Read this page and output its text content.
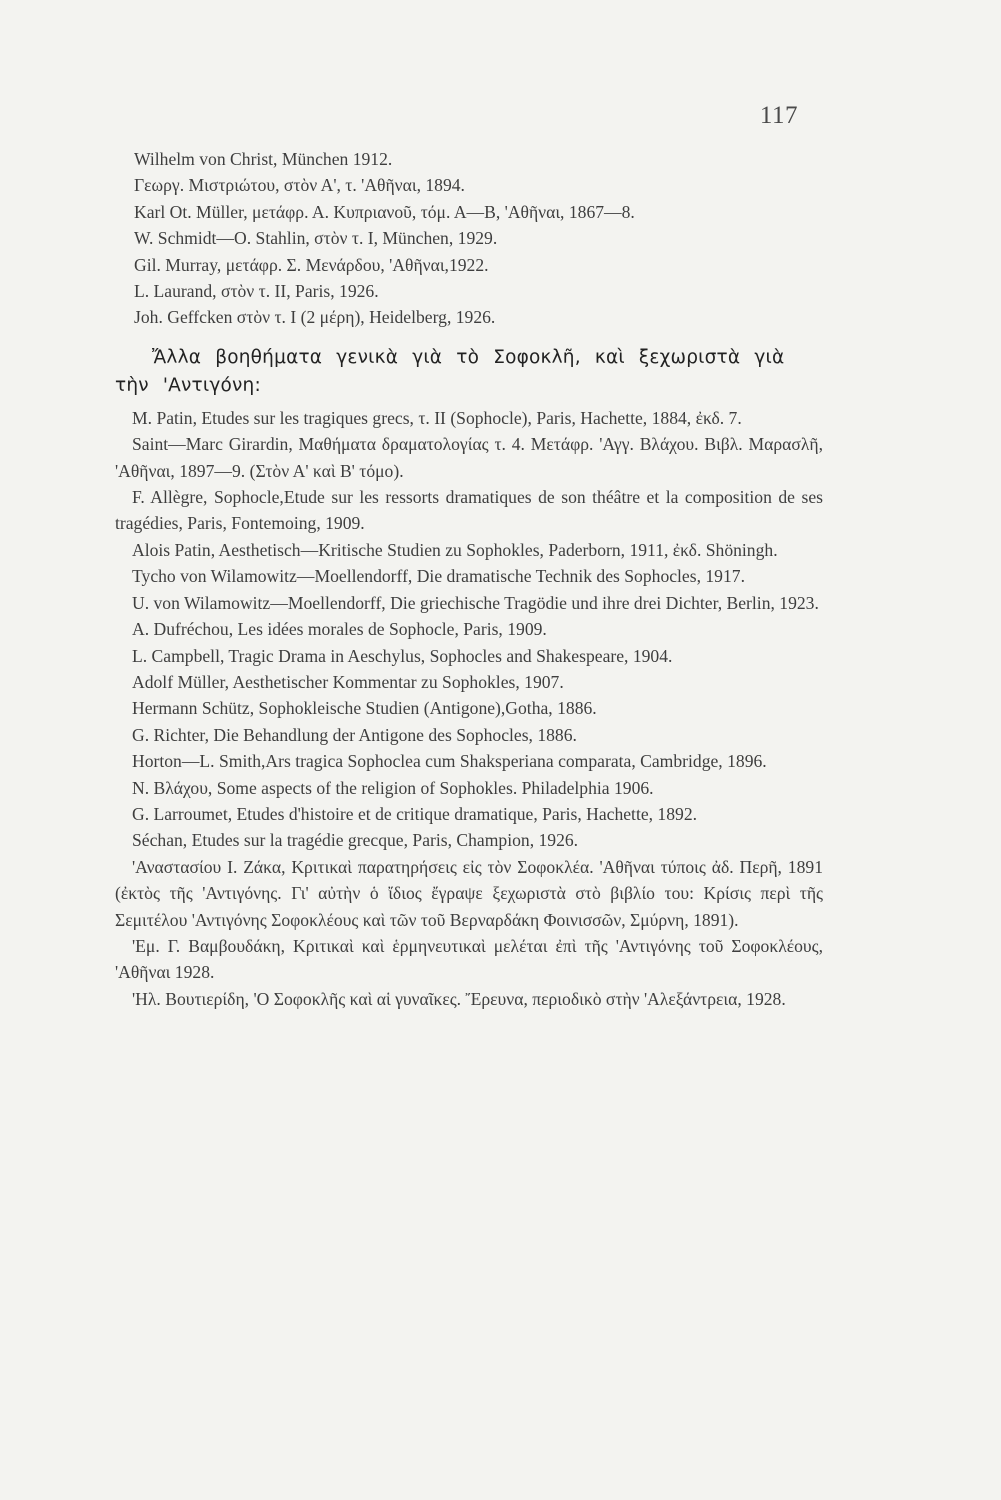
117

Wilhelm von Christ, München 1912.

Γεωργ. Μιστριώτου, στὸν Α', τ. 'Αθῆναι, 1894.

Karl Ot. Müller, μετάφρ. Α. Κυπριανοῦ, τόμ. Α—Β, 'Αθῆναι, 1867—8.

W. Schmidt—O. Stahlin, στὸν τ. I, München, 1929.

Gil. Murray, μετάφρ. Σ. Μενάρδου, 'Αθῆναι,1922.

L. Laurand, στὸν τ. II, Paris, 1926.

Joh. Geffcken στὸν τ. I (2 μέρη), Heidelberg, 1926.

Ἄλλα βοηθήματα γενικὰ γιὰ τὸ Σοφοκλῆ, καὶ ξεχωριστὰ γιὰ τὴν 'Αντιγόνη:

M. Patin, Etudes sur les tragiques grecs, τ. II (Sophocle), Paris, Hachette, 1884, ἐκδ. 7.

Saint—Marc Girardin, Μαθήματα δραματολογίας τ. 4. Μετάφρ. 'Αγγ. Βλάχου. Βιβλ. Μαρασλῆ, 'Αθῆναι, 1897—9. (Στὸν Α' καὶ Β' τόμο).

F. Allègre, Sophocle,Etude sur les ressorts dramatiques de son théâtre et la composition de ses tragédies, Paris, Fontemoing, 1909.

Alois Patin, Aesthetisch—Kritische Studien zu Sophokles, Paderborn, 1911, ἐκδ. Shöningh.

Tycho von Wilamowitz—Moellendorff, Die dramatische Technik des Sophocles, 1917.

U. von Wilamowitz—Moellendorff, Die griechische Tragödie und ihre drei Dichter, Berlin, 1923.

A. Dufréchou, Les idées morales de Sophocle, Paris, 1909.

L. Campbell, Tragic Drama in Aeschylus, Sophocles and Shakespeare, 1904.

Adolf Müller, Aesthetischer Kommentar zu Sophokles, 1907.

Hermann Schütz, Sophokleische Studien (Antigone),Gotha, 1886.

G. Richter, Die Behandlung der Antigone des Sophocles, 1886.

Horton—L. Smith,Ars tragica Sophoclea cum Shaksperiana comparata, Cambridge, 1896.

N. Βλάχου, Some aspects of the religion of Sophokles. Philadelphia 1906.

G. Larroumet, Etudes d'histoire et de critique dramatique, Paris, Hachette, 1892.

Séchan, Etudes sur la tragédie grecque, Paris, Champion, 1926.

'Αναστασίου Ι. Ζάκα, Κριτικαὶ παρατηρήσεις εἰς τὸν Σοφοκλέα. 'Αθῆναι τύποις ἀδ. Περῆ, 1891 (ἐκτὸς τῆς 'Αντιγόνης. Γι' αὐτὴν ὁ ἴδιος ἔγραψε ξεχωριστὰ στὸ βιβλίο του: Κρίσις περὶ τῆς Σεμιτέλου 'Αντιγόνης Σοφοκλέους καὶ τῶν τοῦ Βερναρδάκη Φοινισσῶν, Σμύρνη, 1891).

'Εμ. Γ. Βαμβουδάκη, Κριτικαὶ καὶ ἑρμηνευτικαὶ μελέται ἐπὶ τῆς 'Αντιγόνης τοῦ Σοφοκλέους, 'Αθῆναι 1928.

'Ηλ. Βουτιερίδη, 'Ο Σοφοκλῆς καὶ αἱ γυναῖκες. Ἔρευνα, περιοδικὸ στὴν 'Αλεξάντρεια, 1928.
